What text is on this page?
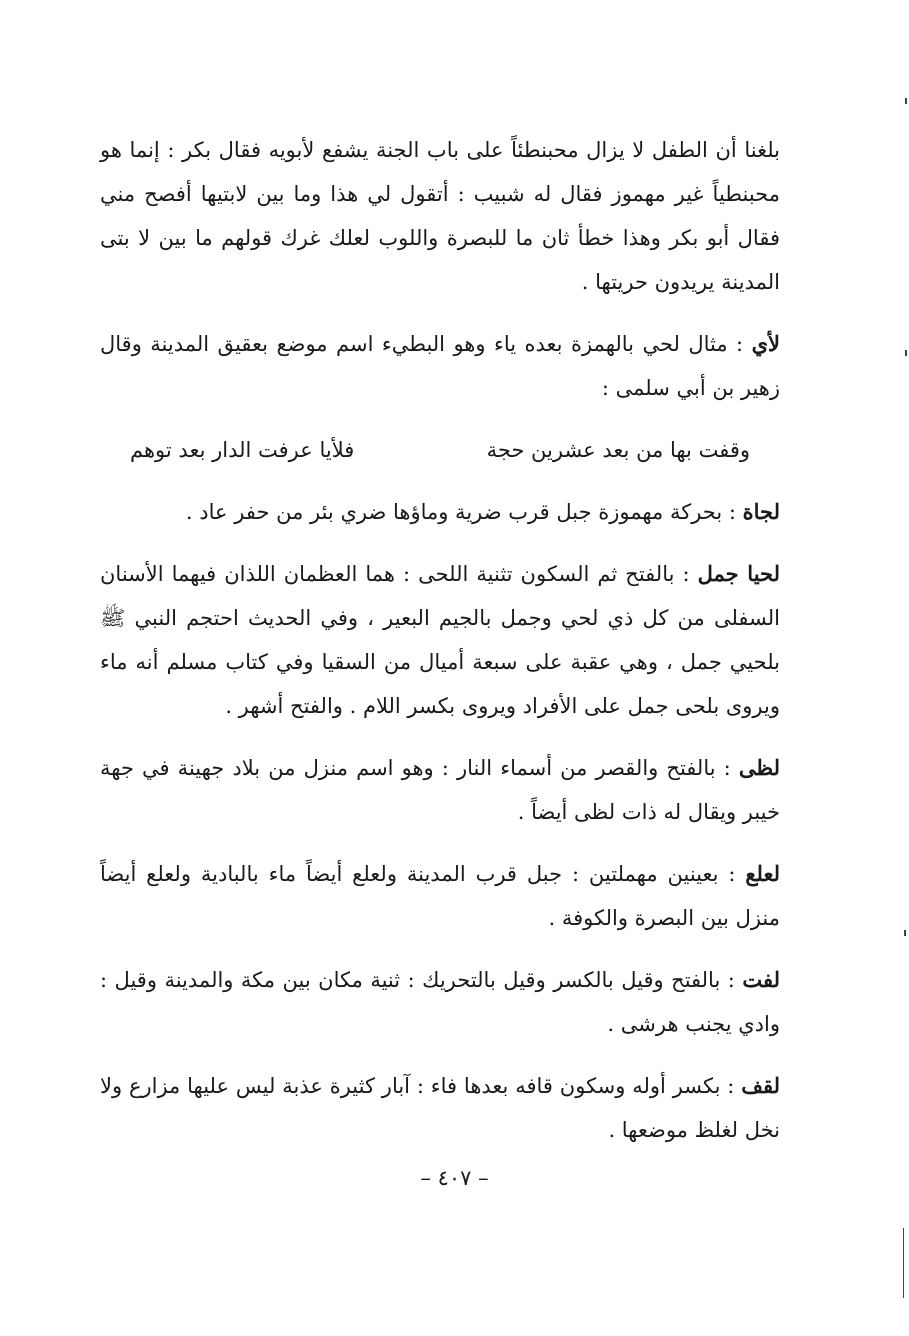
بلغنا أن الطفل لا يزال محبنطئاً على باب الجنة يشفع لأبويه فقال بكر : إنما هو محبنطياً غير مهموز فقال له شبيب : أتقول لي هذا وما بين لابتيها أفصح مني فقال أبو بكر وهذا خطأ ثان ما للبصرة واللوب لعلك غرك قولهم ما بين لا بتى المدينة يريدون حريتها .

لأي : مثال لحي بالهمزة بعده ياء وهو البطيء اسم موضع بعقيق المدينة وقال زهير بن أبي سلمى :

وقفت بها من بعد عشرين حجة
فلأيا عرفت الدار بعد توهم

لجاة : بحركة مهموزة جبل قرب ضرية وماؤها ضري بئر من حفر عاد .

لحيا جمل : بالفتح ثم السكون تثنية اللحى : هما العظمان اللذان فيهما الأسنان السفلى من كل ذي لحي وجمل بالجيم البعير ، وفي الحديث احتجم النبي ﷺ بلحيي جمل ، وهي عقبة على سبعة أميال من السقيا وفي كتاب مسلم أنه ماء ويروى بلحى جمل على الأفراد ويروى بكسر اللام . والفتح أشهر .

لظى : بالفتح والقصر من أسماء النار : وهو اسم منزل من بلاد جهينة في جهة خيبر ويقال له ذات لظى أيضاً .

لعلع : بعينين مهملتين : جبل قرب المدينة ولعلع أيضاً ماء بالبادية ولعلع أيضاً منزل بين البصرة والكوفة .

لفت : بالفتح وقيل بالكسر وقيل بالتحريك : ثنية مكان بين مكة والمدينة وقيل : وادي يجنب هرشى .

لقف : بكسر أوله وسكون قافه بعدها فاء : آبار كثيرة عذبة ليس عليها مزارع ولا نخل لغلظ موضعها .

– ٤٠٧ –
